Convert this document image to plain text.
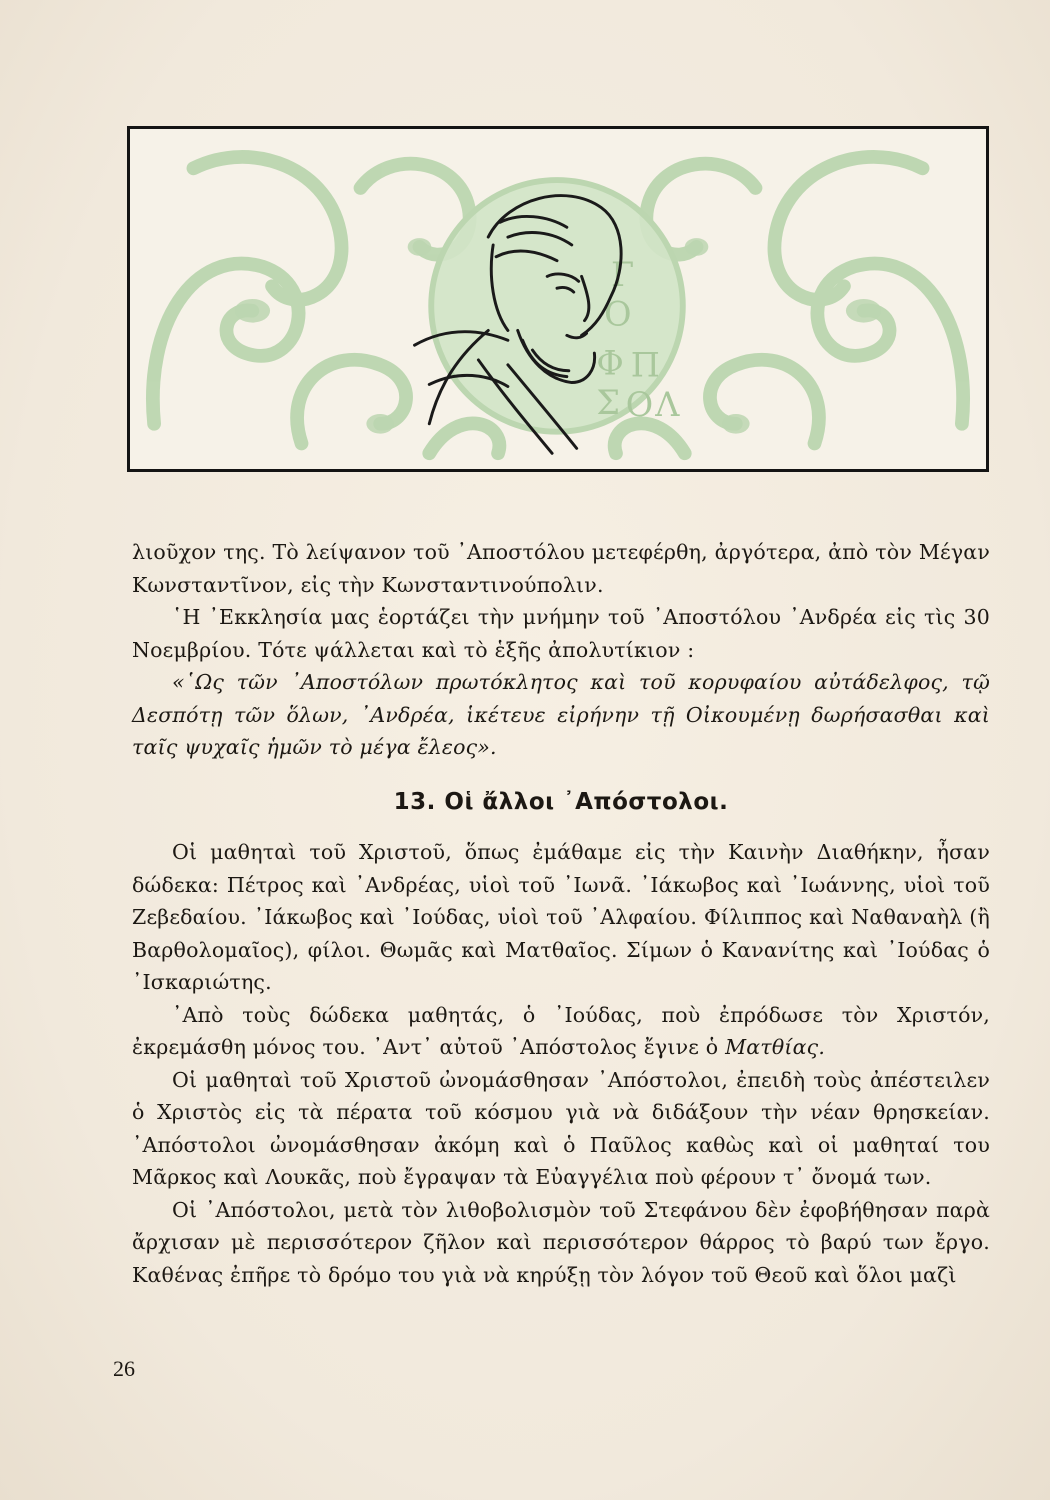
Γ
Ο
Φ Π
Σ Ο Λ

λιοῦχον της. Τὸ λείψανον τοῦ ᾿Αποστόλου μετεφέρθη, ἀργότερα, ἀπὸ τὸν Μέγαν Κωνσταντῖνον, εἰς τὴν Κωνσταντινούπολιν.

῾Η ᾿Εκκλησία μας ἑορτάζει τὴν μνήμην τοῦ ᾿Αποστόλου ᾿Ανδρέα εἰς τὶς 30 Νοεμβρίου. Τότε ψάλλεται καὶ τὸ ἑξῆς ἀπολυτίκιον :

«῾Ως τῶν ᾿Αποστόλων πρωτόκλητος καὶ τοῦ κορυφαίου αὐτάδελφος, τῷ Δεσπότῃ τῶν ὅλων, ᾿Ανδρέα, ἱκέτευε εἰρήνην τῇ Οἰκουμένῃ δωρήσασθαι καὶ ταῖς ψυχαῖς ἡμῶν τὸ μέγα ἔλεος».

13. Οἱ ἄλλοι ᾿Απόστολοι.

Οἱ μαθηταὶ τοῦ Χριστοῦ, ὅπως ἐμάθαμε εἰς τὴν Καινὴν Διαθήκην, ἦσαν δώδεκα: Πέτρος καὶ ᾿Ανδρέας, υἱοὶ τοῦ ᾿Ιωνᾶ. ᾿Ιάκωβος καὶ ᾿Ιωάννης, υἱοὶ τοῦ Ζεβεδαίου. ᾿Ιάκωβος καὶ ᾿Ιούδας, υἱοὶ τοῦ ᾿Αλφαίου. Φίλιππος καὶ Ναθαναὴλ (ἢ Βαρθολομαῖος), φίλοι. Θωμᾶς καὶ Ματθαῖος. Σίμων ὁ Κανανίτης καὶ ᾿Ιούδας ὁ ᾿Ισκαριώτης.

᾿Απὸ τοὺς δώδεκα μαθητάς, ὁ ᾿Ιούδας, ποὺ ἐπρόδωσε τὸν Χριστόν, ἐκρεμάσθη μόνος του. ᾿Αντ᾿ αὐτοῦ ᾿Απόστολος ἔγινε ὁ Ματθίας.

Οἱ μαθηταὶ τοῦ Χριστοῦ ὠνομάσθησαν ᾿Απόστολοι, ἐπειδὴ τοὺς ἀπέστειλεν ὁ Χριστὸς εἰς τὰ πέρατα τοῦ κόσμου γιὰ νὰ διδάξουν τὴν νέαν θρησκείαν. ᾿Απόστολοι ὠνομάσθησαν ἀκόμη καὶ ὁ Παῦλος καθὼς καὶ οἱ μαθηταί του Μᾶρκος καὶ Λουκᾶς, ποὺ ἔγραψαν τὰ Εὐαγγέλια ποὺ φέρουν τ᾿ ὄνομά των.

Οἱ ᾿Απόστολοι, μετὰ τὸν λιθοβολισμὸν τοῦ Στεφάνου δὲν ἐφοβήθησαν παρὰ ἄρχισαν μὲ περισσότερον ζῆλον καὶ περισσότερον θάρρος τὸ βαρύ των ἔργο. Καθένας ἐπῆρε τὸ δρόμο του γιὰ νὰ κηρύξῃ τὸν λόγον τοῦ Θεοῦ καὶ ὅλοι μαζὶ

26
